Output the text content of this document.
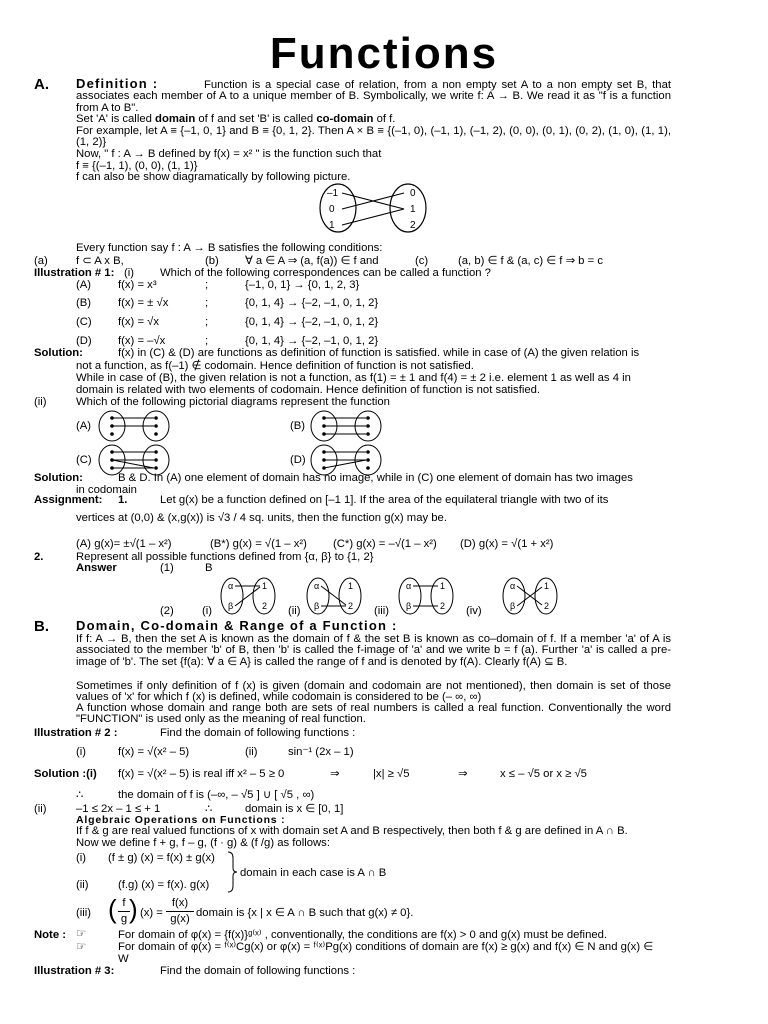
Functions
A. Definition :	Function is a special case of relation, from a non empty set A to a non empty set B, that associates each member of A to a unique member of B. Symbolically, we write f: A → B. We read it as "f is a function from A to B".
Set 'A' is called domain of f and set 'B' is called co-domain of f.
For example, let A ≡ {–1, 0, 1} and B ≡ {0, 1, 2}. Then A × B ≡ {(–1, 0), (–1, 1), (–1, 2), (0, 0), (0, 1), (0, 2), (1, 0), (1, 1), (1, 2)}
Now, " f : A → B defined by f(x) = x² " is the function such that
f ≡ {(–1, 1), (0, 0), (1, 1)}
f can also be show diagramatically by following picture.
–1
0
1
0
1
2
Every function say f : A → B satisfies the following conditions:
(a) f ⊂ A x B,	(b) ∀ a ∈ A ⇒ (a, f(a)) ∈ f and	(c)	(a, b) ∈ f & (a, c) ∈ f ⇒ b = c
Illustration # 1: (i) Which of the following correspondences can be called a function ?
(A) f(x) = x³	;	{–1, 0, 1} → {0, 1, 2, 3}
(B) f(x) = ± √x	;	{0, 1, 4} → {–2, –1, 0, 1, 2}
(C) f(x) = √x	;	{0, 1, 4} → {–2, –1, 0, 1, 2}
(D) f(x) = –√x	;	{0, 1, 4} → {–2, –1, 0, 1, 2}
Solution:	f(x) in (C) & (D) are functions as definition of function is satisfied. while in case of (A) the given relation is
not a function, as f(–1) ∉ codomain. Hence definition of function is not satisfied.
While in case of (B), the given relation is not a function, as f(1) = ± 1 and f(4) = ± 2 i.e. element 1 as well as 4 in
domain is related with two elements of codomain. Hence definition of function is not satisfied.
(ii)	Which of the following pictorial diagrams represent the function
(A)	(B)
(C)	(D)
Solution:	B & D. In (A) one element of domain has no image, while in (C) one element of domain has two images
in codomain
Assignment: 1.	Let g(x) be a function defined on [–1 1]. If the area of the equilateral triangle with two of its
vertices at (0,0) & (x,g(x)) is √3 / 4 sq. units, then the function g(x) may be.
(A) g(x)= ±√(1 – x²)	(B*) g(x) = √(1 – x²) (C*) g(x) = –√(1 – x²) (D) g(x) = √(1 + x²)
2.	Represent all possible functions defined from {α, β} to {1, 2}
Answer	(1)	B
(2) (i)
α
β
1
2 (ii)
α
β
1
2 (iii)
α
β
1
2 (iv)
α
β
1
2
B. Domain, Co-domain & Range of a Function :
If f: A → B, then the set A is known as the domain of f & the set B is known as co–domain of f. If a member 'a' of A is associated to the member 'b' of B, then 'b' is called the f-image of 'a' and we write b = f (a). Further 'a' is called a pre-image of 'b'. The set {f(a): ∀ a ∈ A} is called the range of f and is denoted by f(A). Clearly f(A) ⊆ B.
Sometimes if only definition of f (x) is given (domain and codomain are not mentioned), then domain is set of those values of 'x' for which f (x) is defined, while codomain is considered to be (– ∞, ∞)
A function whose domain and range both are sets of real numbers is called a real function. Conventionally the word "FUNCTION" is used only as the meaning of real function.
Illustration # 2 :	Find the domain of following functions :
(i)	f(x) = √(x² – 5)	(ii)	sin⁻¹ (2x – 1)
Solution :(i) f(x) = √(x² – 5) is real iff x² – 5 ≥ 0	⇒	|x| ≥ √5	⇒	x ≤ – √5 or x ≥ √5
∴	the domain of f is (–∞, – √5 ] ∪ [ √5 , ∞)
(ii)	–1 ≤ 2x – 1 ≤ + 1	∴	domain is x ∈ [0, 1]
Algebraic Operations on Functions :
If f & g are real valued functions of x with domain set A and B respectively, then both f & g are defined in A ∩ B.
Now we define f + g, f – g, (f · g) & (f /g) as follows:
(i) (f ± g) (x) = f(x) ± g(x)
(ii)	(f.g) (x) = f(x). g(x)
domain in each case is A ∩ B
(iii) ( f
g ) (x) =
f(x)
g(x) domain is {x | x ∈ A ∩ B such that g(x) ≠ 0}.
Note : ☞	For domain of φ(x) = {f(x)}ᵍ⁽ˣ⁾ , conventionally, the conditions are f(x) > 0 and g(x) must be defined.
☞	For domain of φ(x) = ᶠ⁽ˣ⁾Cg(x) or φ(x) = ᶠ⁽ˣ⁾Pg(x) conditions of domain are f(x) ≥ g(x) and f(x) ∈ N and g(x) ∈
W
Illustration # 3:	Find the domain of following functions :
